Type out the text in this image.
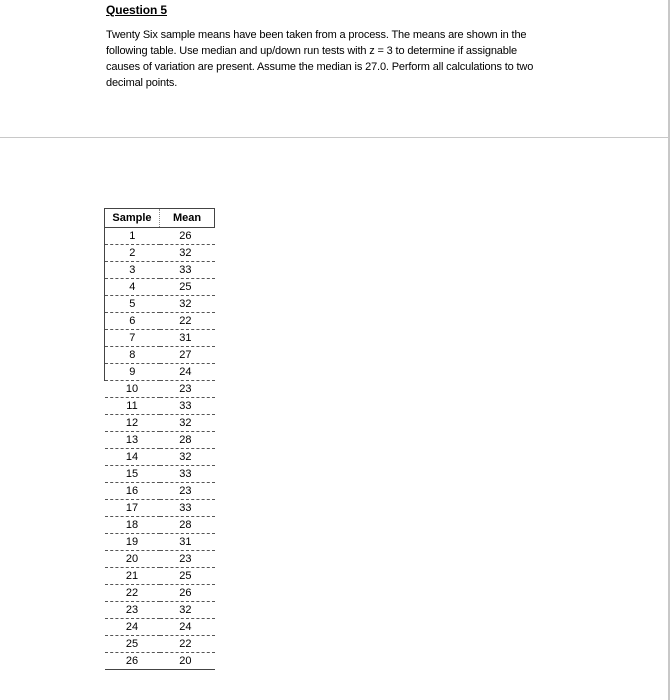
Question 5

Twenty Six sample means have been taken from a process. The means are shown in the

following table. Use median and up/down run tests with z = 3 to determine if assignable

causes of variation are present. Assume the median is 27.0. Perform all calculations to two

decimal points.

Sample	Mean
1	26
2	32
3	33
4	25
5	32
6	22
7	31
8	27
9	24
10	23
11	33
12	32
13	28
14	32
15	33
16	23
17	33
18	28
19	31
20	23
21	25
22	26
23	32
24	24
25	22
26	20
